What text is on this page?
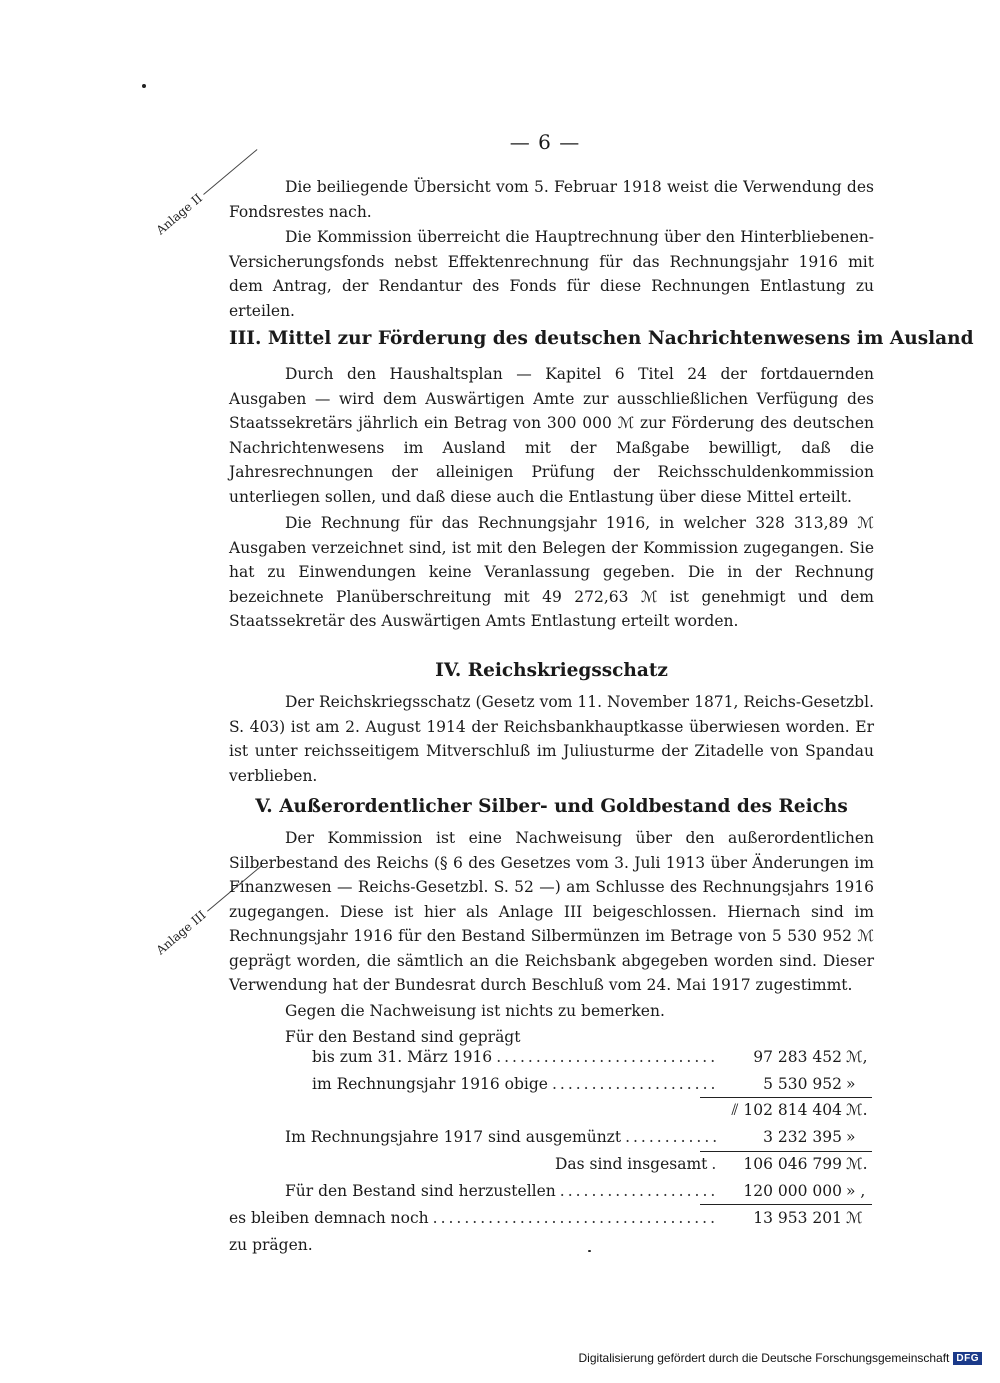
— 6 —
Anlage II

Die beiliegende Übersicht vom 5. Februar 1918 weist die Verwendung des Fondsrestes nach.

Die Kommission überreicht die Hauptrechnung über den Hinterbliebenen-Versicherungsfonds nebst Effektenrechnung für das Rechnungsjahr 1916 mit dem Antrag, der Rendantur des Fonds für diese Rechnungen Entlastung zu erteilen.

III. Mittel zur Förderung des deutschen Nachrichtenwesens im Ausland

Durch den Haushaltsplan — Kapitel 6 Titel 24 der fortdauernden Ausgaben — wird dem Auswärtigen Amte zur ausschließlichen Verfügung des Staatssekretärs jährlich ein Betrag von 300 000 ℳ zur Förderung des deutschen Nachrichtenwesens im Ausland mit der Maßgabe bewilligt, daß die Jahresrechnungen der alleinigen Prüfung der Reichsschuldenkommission unterliegen sollen, und daß diese auch die Entlastung über diese Mittel erteilt.

Die Rechnung für das Rechnungsjahr 1916, in welcher 328 313,89 ℳ Ausgaben verzeichnet sind, ist mit den Belegen der Kommission zugegangen. Sie hat zu Einwendungen keine Veranlassung gegeben. Die in der Rechnung bezeichnete Planüberschreitung mit 49 272,63 ℳ ist genehmigt und dem Staatssekretär des Auswärtigen Amts Entlastung erteilt worden.

IV. Reichskriegsschatz

Der Reichskriegsschatz (Gesetz vom 11. November 1871, Reichs-Gesetzbl. S. 403) ist am 2. August 1914 der Reichsbankhauptkasse überwiesen worden. Er ist unter reichsseitigem Mitverschluß im Juliusturme der Zitadelle von Spandau verblieben.

V. Außerordentlicher Silber- und Goldbestand des Reichs
Anlage III

Der Kommission ist eine Nachweisung über den außerordentlichen Silberbestand des Reichs (§ 6 des Gesetzes vom 3. Juli 1913 über Änderungen im Finanzwesen — Reichs-Gesetzbl. S. 52 —) am Schlusse des Rechnungsjahrs 1916 zugegangen. Diese ist hier als Anlage III beigeschlossen. Hiernach sind im Rechnungsjahr 1916 für den Bestand Silbermünzen im Betrage von 5 530 952 ℳ geprägt worden, die sämtlich an die Reichsbank abgegeben worden sind. Dieser Verwendung hat der Bundesrat durch Beschluß vom 24. Mai 1917 zugestimmt.

Gegen die Nachweisung ist nichts zu bemerken.

Für den Bestand sind geprägt

bis zum 31. März 1916 .....	97 283 452 ℳ,
im Rechnungsjahr 1916 obige .....	5 530 952 »
⫽ 102 814 404 ℳ.
Im Rechnungsjahre 1917 sind ausgemünzt .....	3 232 395 »
Das sind insgesamt .....	106 046 799 ℳ.
Für den Bestand sind herzustellen .....	120 000 000 » ,
es bleiben demnach noch .....	13 953 201 ℳ
zu prägen.
Digitalisierung gefördert durch die Deutsche Forschungsgemeinschaft DFG
